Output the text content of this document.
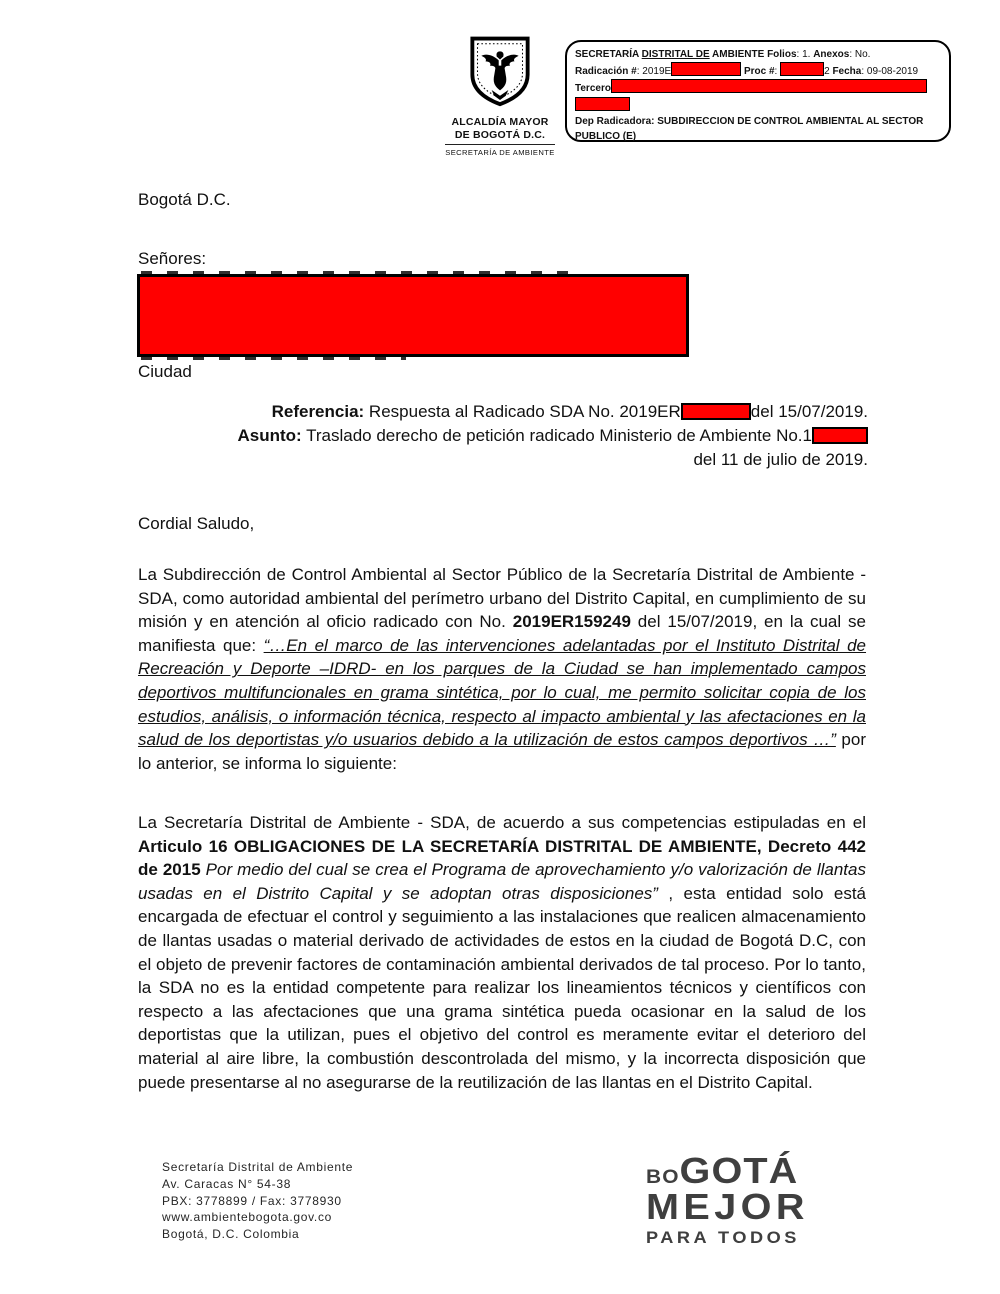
ALCALDÍA MAYOR
DE BOGOTÁ D.C.
SECRETARÍA DE AMBIENTE
SECRETARÍA DISTRITAL DE AMBIENTE Folios: 1. Anexos: No.
Radicación #: 2019E	Proc #:	2 Fecha: 09-08-2019
Tercero
Dep Radicadora: SUBDIRECCION DE CONTROL AMBIENTAL AL SECTOR PUBLICO (E)
Bogotá D.C.
Señores:
Ciudad
Referencia: Respuesta al Radicado SDA No. 2019ER	del 15/07/2019.
Asunto: Traslado derecho de petición radicado Ministerio de Ambiente No.1
del 11 de julio de 2019.
Cordial Saludo,
La Subdirección de Control Ambiental al Sector Público de la Secretaría Distrital de Ambiente - SDA, como autoridad ambiental del perímetro urbano del Distrito Capital, en cumplimiento de su misión y en atención al oficio radicado con No. 2019ER159249 del 15/07/2019, en la cual se manifiesta que: “…En el marco de las intervenciones adelantadas por el Instituto Distrital de Recreación y Deporte –IDRD- en los parques de la Ciudad se han implementado campos deportivos multifuncionales en grama sintética, por lo cual, me permito solicitar copia de los estudios, análisis, o información técnica, respecto al impacto ambiental y las afectaciones en la salud de los deportistas y/o usuarios debido a la utilización de estos campos deportivos …” por lo anterior, se informa lo siguiente:
La Secretaría Distrital de Ambiente - SDA, de acuerdo a sus competencias estipuladas en el Articulo 16 OBLIGACIONES DE LA SECRETARÍA DISTRITAL DE AMBIENTE, Decreto 442 de 2015 Por medio del cual se crea el Programa de aprovechamiento y/o valorización de llantas usadas en el Distrito Capital y se adoptan otras disposiciones” , esta entidad solo está encargada de efectuar el control y seguimiento a las instalaciones que realicen almacenamiento de llantas usadas o material derivado de actividades de estos en la ciudad de Bogotá D.C, con el objeto de prevenir factores de contaminación ambiental derivados de tal proceso. Por lo tanto, la SDA no es la entidad competente para realizar los lineamientos técnicos y científicos con respecto a las afectaciones que una grama sintética pueda ocasionar en la salud de los deportistas que la utilizan, pues el objetivo del control es meramente evitar el deterioro del material al aire libre, la combustión descontrolada del mismo, y la incorrecta disposición que puede presentarse al no asegurarse de la reutilización de las llantas en el Distrito Capital.
Secretaría Distrital de Ambiente
Av. Caracas N° 54-38
PBX: 3778899 / Fax: 3778930
www.ambientebogota.gov.co
Bogotá, D.C. Colombia
BO GOTÁ
MEJOR
PARA TODOS
